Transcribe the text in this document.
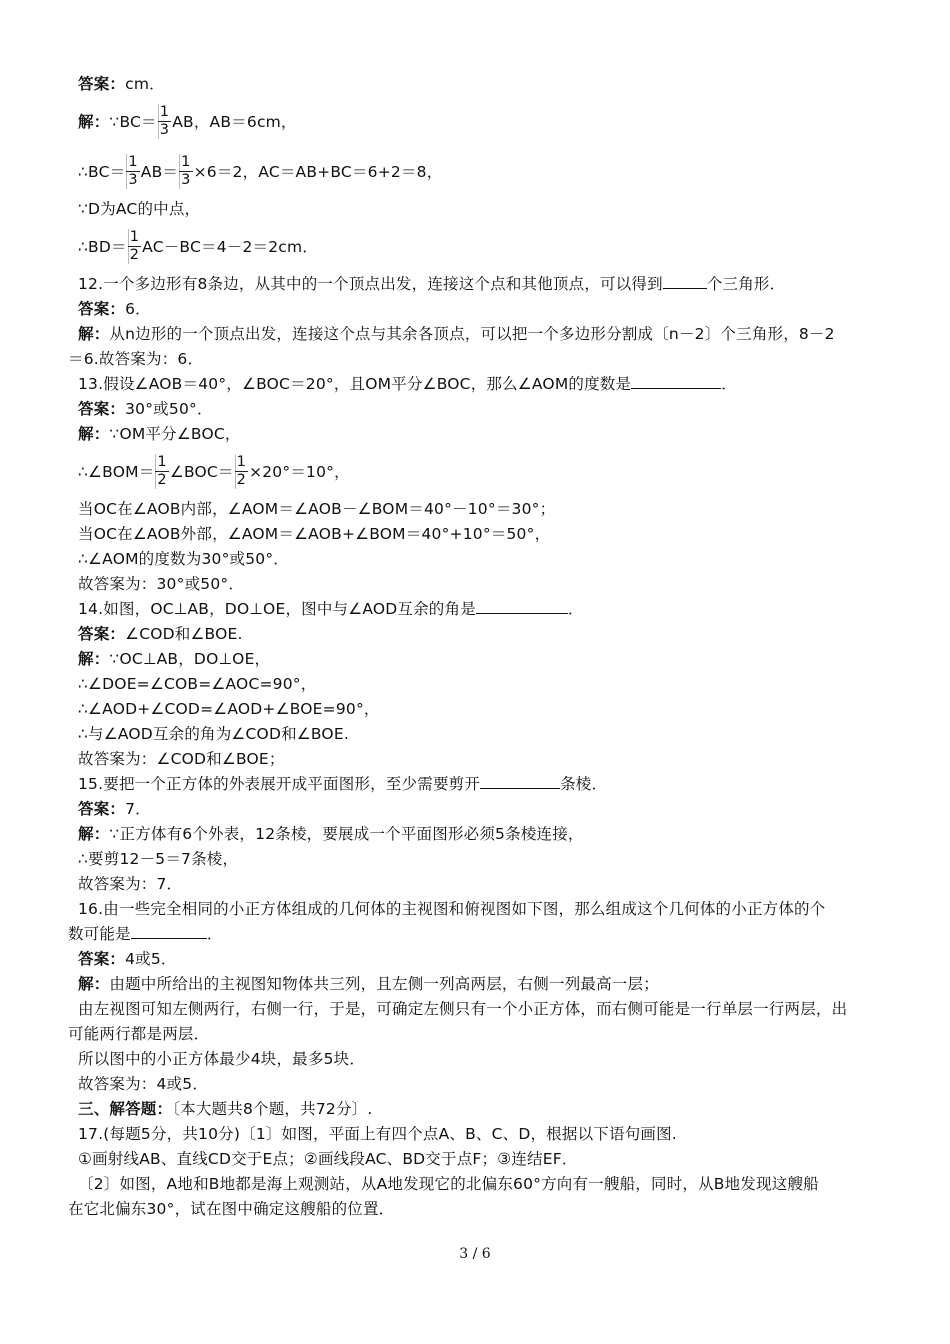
答案：cm．
解：∵BC＝ $\frac{1}{3}$ AB，AB＝6cm，
∴BC＝ $\frac{1}{3} AB= \frac{1}{3} \times 6=2$，AC＝AB+BC＝6+2＝8，
∵D为AC的中点，
∴BD＝ $\frac{1}{2} AC-BC=4-2=2cm$．
12.一个多边形有8条边，从其中的一个顶点出发，连接这个点和其他顶点，可以得到	个三角形．
答案：6．
解：从n边形的一个顶点出发，连接这个点与其余各顶点，可以把一个多边形分割成〔n－2〕个三角形，8－2
＝6.故答案为：6．
13.假设∠AOB＝40°，∠BOC＝20°，且OM平分∠BOC，那么∠AOM的度数是	．
答案：30°或50°．
解：∵OM平分∠BOC，
∴∠BOM＝ $\frac{1}{2}$ ∠BOC＝ $\frac{1}{2} \times 20^\circ=10^\circ$，
当OC在∠AOB内部，∠AOM＝∠AOB－∠BOM＝40°－10°＝30°；
当OC在∠AOB外部，∠AOM＝∠AOB+∠BOM＝40°+10°＝50°，
∴∠AOM的度数为30°或50°．
故答案为：30°或50°．
14.如图，OC⊥AB，DO⊥OE，图中与∠AOD互余的角是	．
答案：∠COD和∠BOE.
解：∵OC⊥AB，DO⊥OE，
∴∠DOE=∠COB=∠AOC=90°，
∴∠AOD+∠COD=∠AOD+∠BOE=90°，
∴与∠AOD互余的角为∠COD和∠BOE.
故答案为：∠COD和∠BOE；
15.要把一个正方体的外表展开成平面图形，至少需要剪开	条棱．
答案：7．
解：∵正方体有6个外表，12条棱，要展成一个平面图形必须5条棱连接，
∴要剪12－5＝7条棱，
故答案为：7．
16.由一些完全相同的小正方体组成的几何体的主视图和俯视图如下图，那么组成这个几何体的小正方体的个
数可能是	．
答案：4或5．
解：由题中所给出的主视图知物体共三列，且左侧一列高两层，右侧一列最高一层；
由左视图可知左侧两行，右侧一行，于是，可确定左侧只有一个小正方体，而右侧可能是一行单层一行两层，出
可能两行都是两层．
所以图中的小正方体最少4块，最多5块．
故答案为：4或5．
三、解答题：〔本大题共8个题，共72分〕.
17.(每题5分，共10分)〔1〕如图，平面上有四个点A、B、C、D，根据以下语句画图.
①画射线AB、直线CD交于E点；②画线段AC、BD交于点F；③连结EF．
〔2〕如图，A地和B地都是海上观测站，从A地发现它的北偏东60°方向有一艘船，同时，从B地发现这艘船
在它北偏东30°，试在图中确定这艘船的位置．
3 / 6
